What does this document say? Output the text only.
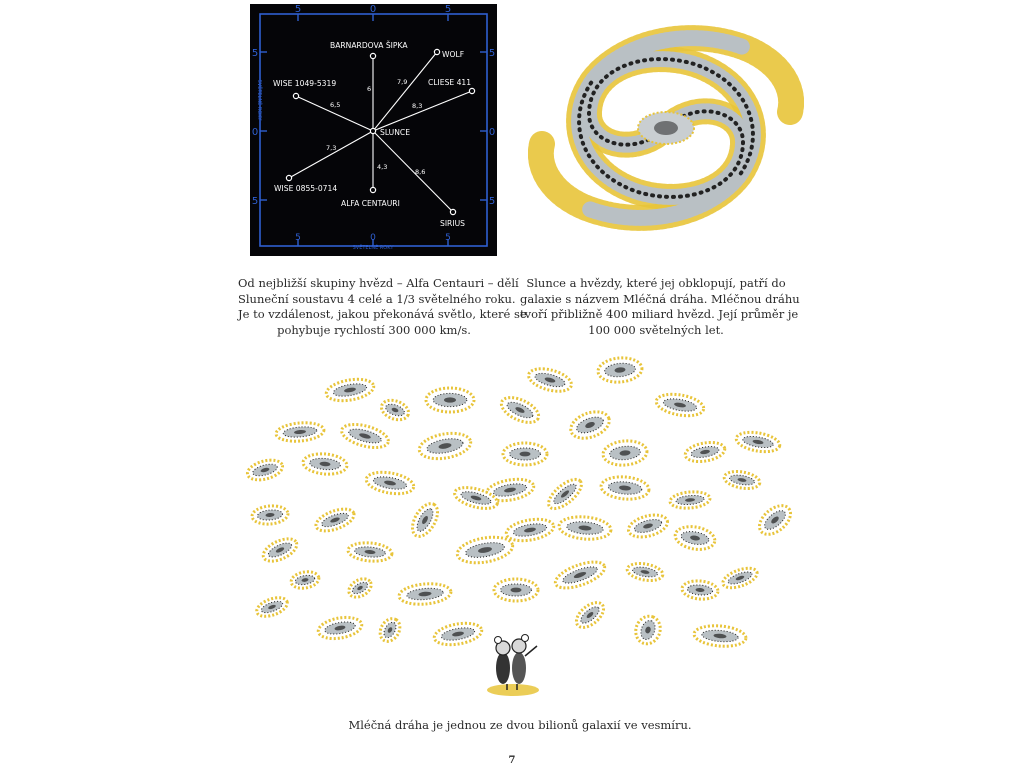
5	0	5
5	0	5
5
0
5
5
0
5
SVĚTELNÉ ROKY
SVĚTELNÉ ROKY
BARNARDOVA ŠIPKA
WOLF
WISE 1049-5319	CLIESE 411
WISE 0855-0714
ALFA CENTAURI
SIRIUS
SLUNCE
6
7,9
6,5	8,3
7,3
4,3
8,6
Od nejbližší skupiny hvězd – Alfa Centauri – dělí
Sluneční soustavu 4 celé a 1/3 světelného roku.
Je to vzdálenost, jakou překonává světlo, které se
pohybuje rychlostí 300 000 km/s.
Slunce a hvězdy, které jej obklopují, patří do
galaxie s názvem Mléčná dráha. Mléčnou dráhu
tvoří přibližně 400 miliard hvězd. Její průměr je
100 000 světelných let.
Mléčná dráha je jednou ze dvou bilionů galaxií ve vesmíru.
7
